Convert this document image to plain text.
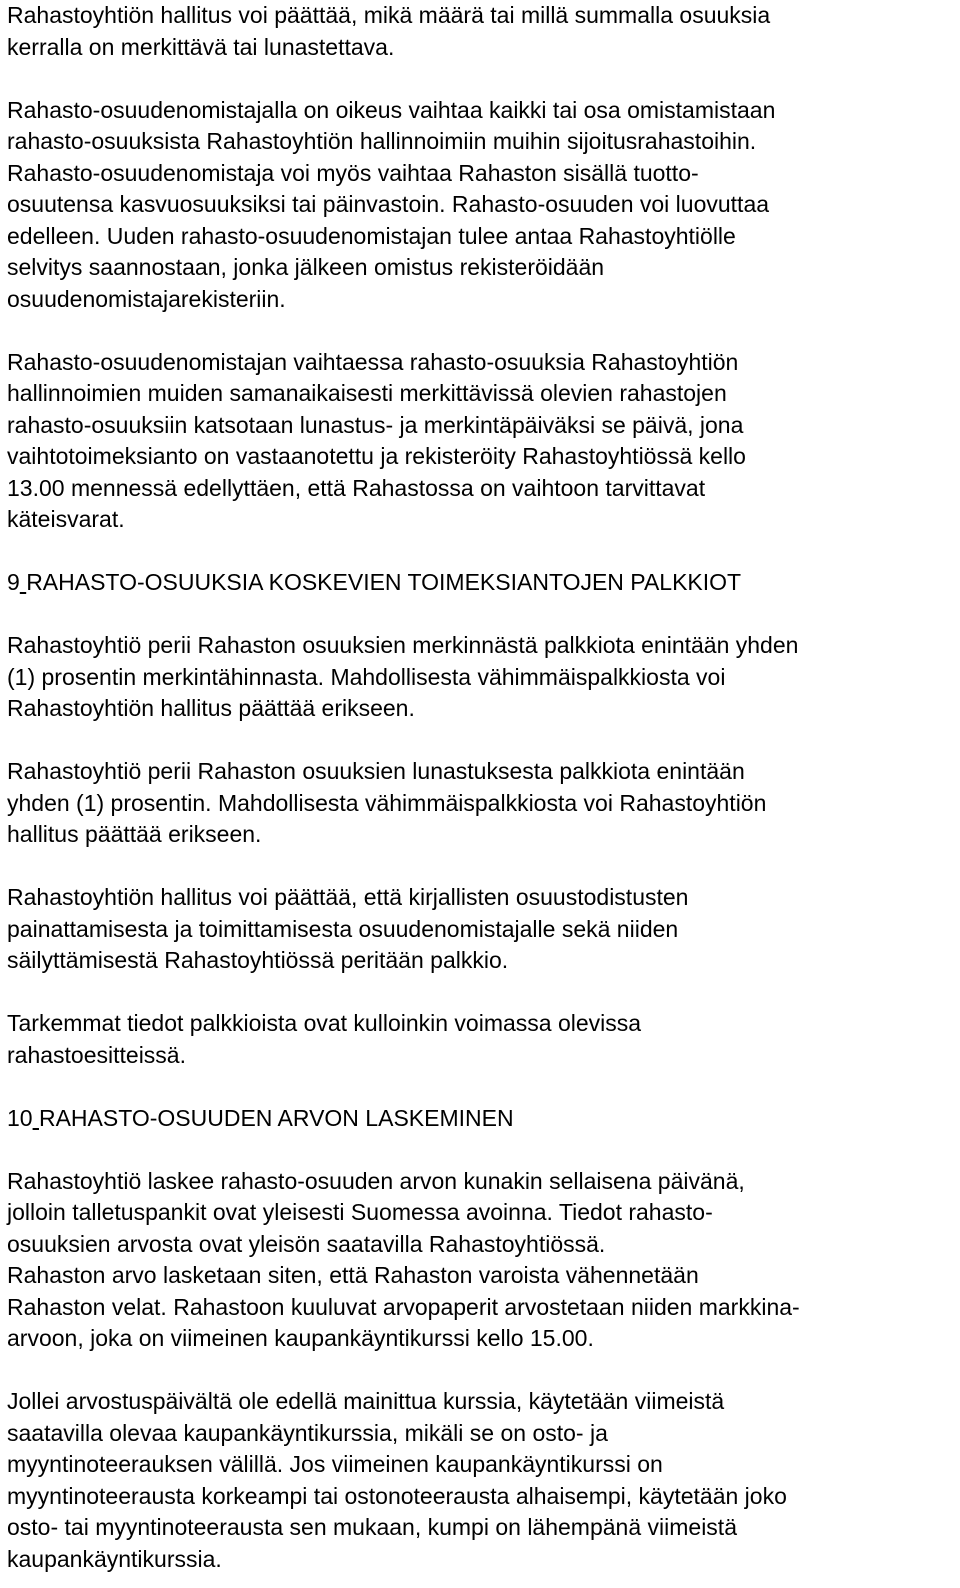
Rahastoyhtiön hallitus voi päättää, mikä määrä tai millä summalla osuuksia
kerralla on merkittävä tai lunastettava.
Rahasto-osuudenomistajalla on oikeus vaihtaa kaikki tai osa omistamistaan
rahasto-osuuksista Rahastoyhtiön hallinnoimiin muihin sijoitusrahastoihin.
Rahasto-osuudenomistaja voi myös vaihtaa Rahaston sisällä tuotto-
osuutensa kasvuosuuksiksi tai päinvastoin. Rahasto-osuuden voi luovuttaa
edelleen. Uuden rahasto-osuudenomistajan tulee antaa Rahastoyhtiölle
selvitys saannostaan, jonka jälkeen omistus rekisteröidään
osuudenomistajarekisteriin.
Rahasto-osuudenomistajan vaihtaessa rahasto-osuuksia Rahastoyhtiön
hallinnoimien muiden samanaikaisesti merkittävissä olevien rahastojen
rahasto-osuuksiin katsotaan lunastus- ja merkintäpäiväksi se päivä, jona
vaihtotoimeksianto on vastaanotettu ja rekisteröity Rahastoyhtiössä kello
13.00 mennessä edellyttäen, että Rahastossa on vaihtoon tarvittavat
käteisvarat.
9 RAHASTO-OSUUKSIA KOSKEVIEN TOIMEKSIANTOJEN PALKKIOT
Rahastoyhtiö perii Rahaston osuuksien merkinnästä palkkiota enintään yhden
(1) prosentin merkintähinnasta. Mahdollisesta vähimmäispalkkiosta voi
Rahastoyhtiön hallitus päättää erikseen.
Rahastoyhtiö perii Rahaston osuuksien lunastuksesta palkkiota enintään
yhden (1) prosentin. Mahdollisesta vähimmäispalkkiosta voi Rahastoyhtiön
hallitus päättää erikseen.
Rahastoyhtiön hallitus voi päättää, että kirjallisten osuustodistusten
painattamisesta ja toimittamisesta osuudenomistajalle sekä niiden
säilyttämisestä Rahastoyhtiössä peritään palkkio.
Tarkemmat tiedot palkkioista ovat kulloinkin voimassa olevissa
rahastoesitteissä.
10 RAHASTO-OSUUDEN ARVON LASKEMINEN
Rahastoyhtiö laskee rahasto-osuuden arvon kunakin sellaisena päivänä,
jolloin talletuspankit ovat yleisesti Suomessa avoinna. Tiedot rahasto-
osuuksien arvosta ovat yleisön saatavilla Rahastoyhtiössä.
Rahaston arvo lasketaan siten, että Rahaston varoista vähennetään
Rahaston velat. Rahastoon kuuluvat arvopaperit arvostetaan niiden markkina-
arvoon, joka on viimeinen kaupankäyntikurssi kello 15.00.
Jollei arvostuspäivältä ole edellä mainittua kurssia, käytetään viimeistä
saatavilla olevaa kaupankäyntikurssia, mikäli se on osto- ja
myyntinoteerauksen välillä. Jos viimeinen kaupankäyntikurssi on
myyntinoteerausta korkeampi tai ostonoteerausta alhaisempi, käytetään joko
osto- tai myyntinoteerausta sen mukaan, kumpi on lähempänä viimeistä
kaupankäyntikurssia.
